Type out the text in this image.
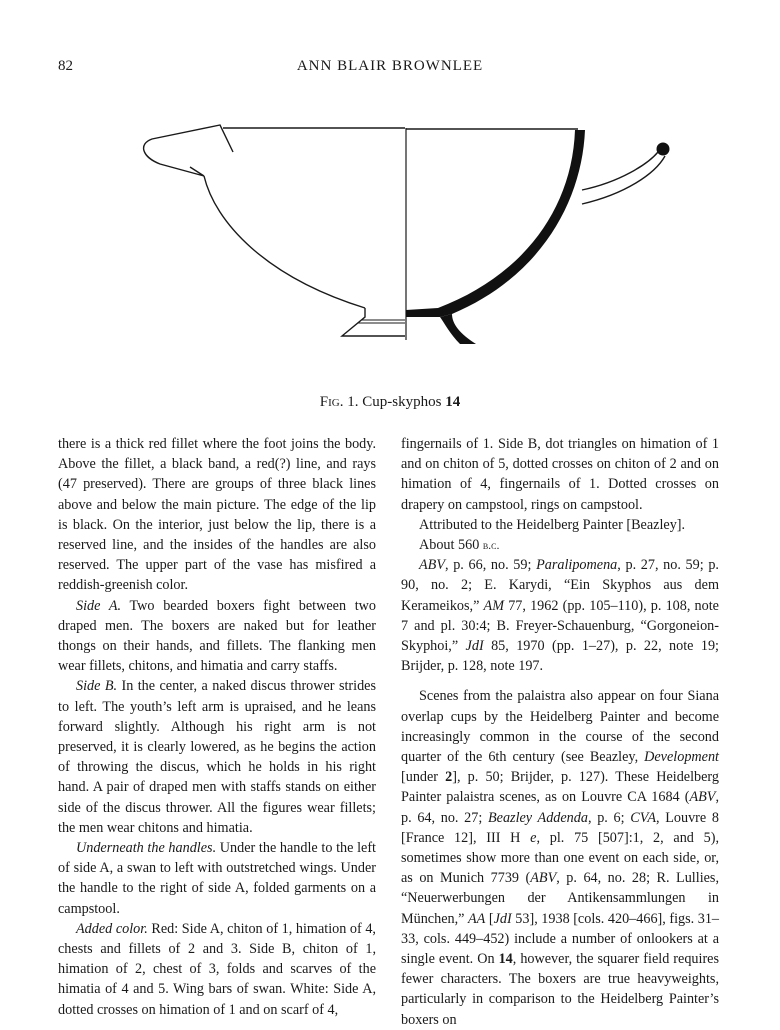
82	ANN BLAIR BROWNLEE
Fig. 1. Cup-skyphos 14

there is a thick red fillet where the foot joins the body. Above the fillet, a black band, a red(?) line, and rays (47 preserved). There are groups of three black lines above and below the main picture. The edge of the lip is black. On the interior, just below the lip, there is a reserved line, and the insides of the handles are also reserved. The upper part of the vase has misfired a reddish-greenish color.

Side A. Two bearded boxers fight between two draped men. The boxers are naked but for leather thongs on their hands, and fillets. The flanking men wear fillets, chitons, and himatia and carry staffs.

Side B. In the center, a naked discus thrower strides to left. The youth’s left arm is upraised, and he leans forward slightly. Although his right arm is not preserved, it is clearly lowered, as he begins the action of throwing the discus, which he holds in his right hand. A pair of draped men with staffs stands on either side of the discus thrower. All the figures wear fillets; the men wear chitons and himatia.

Underneath the handles. Under the handle to the left of side A, a swan to left with outstretched wings. Under the handle to the right of side A, folded garments on a campstool.

Added color. Red: Side A, chiton of 1, himation of 4, chests and fillets of 2 and 3. Side B, chiton of 1, himation of 2, chest of 3, folds and scarves of the himatia of 4 and 5. Wing bars of swan. White: Side A, dotted crosses on himation of 1 and on scarf of 4,

fingernails of 1. Side B, dot triangles on himation of 1 and on chiton of 5, dotted crosses on chiton of 2 and on himation of 4, fingernails of 1. Dotted crosses on drapery on campstool, rings on campstool.

Attributed to the Heidelberg Painter [Beazley].

About 560 b.c.

ABV, p. 66, no. 59; Paralipomena, p. 27, no. 59; p. 90, no. 2; E. Karydi, “Ein Skyphos aus dem Kerameikos,” AM 77, 1962 (pp. 105–110), p. 108, note 7 and pl. 30:4; B. Freyer-Schauenburg, “Gorgoneion-Skyphoi,” JdI 85, 1970 (pp. 1–27), p. 22, note 19; Brijder, p. 128, note 197.

Scenes from the palaistra also appear on four Siana overlap cups by the Heidelberg Painter and become increasingly common in the course of the second quarter of the 6th century (see Beazley, Development [under 2], p. 50; Brijder, p. 127). These Heidelberg Painter palaistra scenes, as on Louvre CA 1684 (ABV, p. 64, no. 27; Beazley Addenda, p. 6; CVA, Louvre 8 [France 12], III H e, pl. 75 [507]:1, 2, and 5), sometimes show more than one event on each side, or, as on Munich 7739 (ABV, p. 64, no. 28; R. Lullies, “Neuerwerbungen der Antikensammlungen in München,” AA [JdI 53], 1938 [cols. 420–466], figs. 31–33, cols. 449–452) include a number of onlookers at a single event. On 14, however, the squarer field requires fewer characters. The boxers are true heavyweights, particularly in comparison to the Heidelberg Painter’s boxers on
